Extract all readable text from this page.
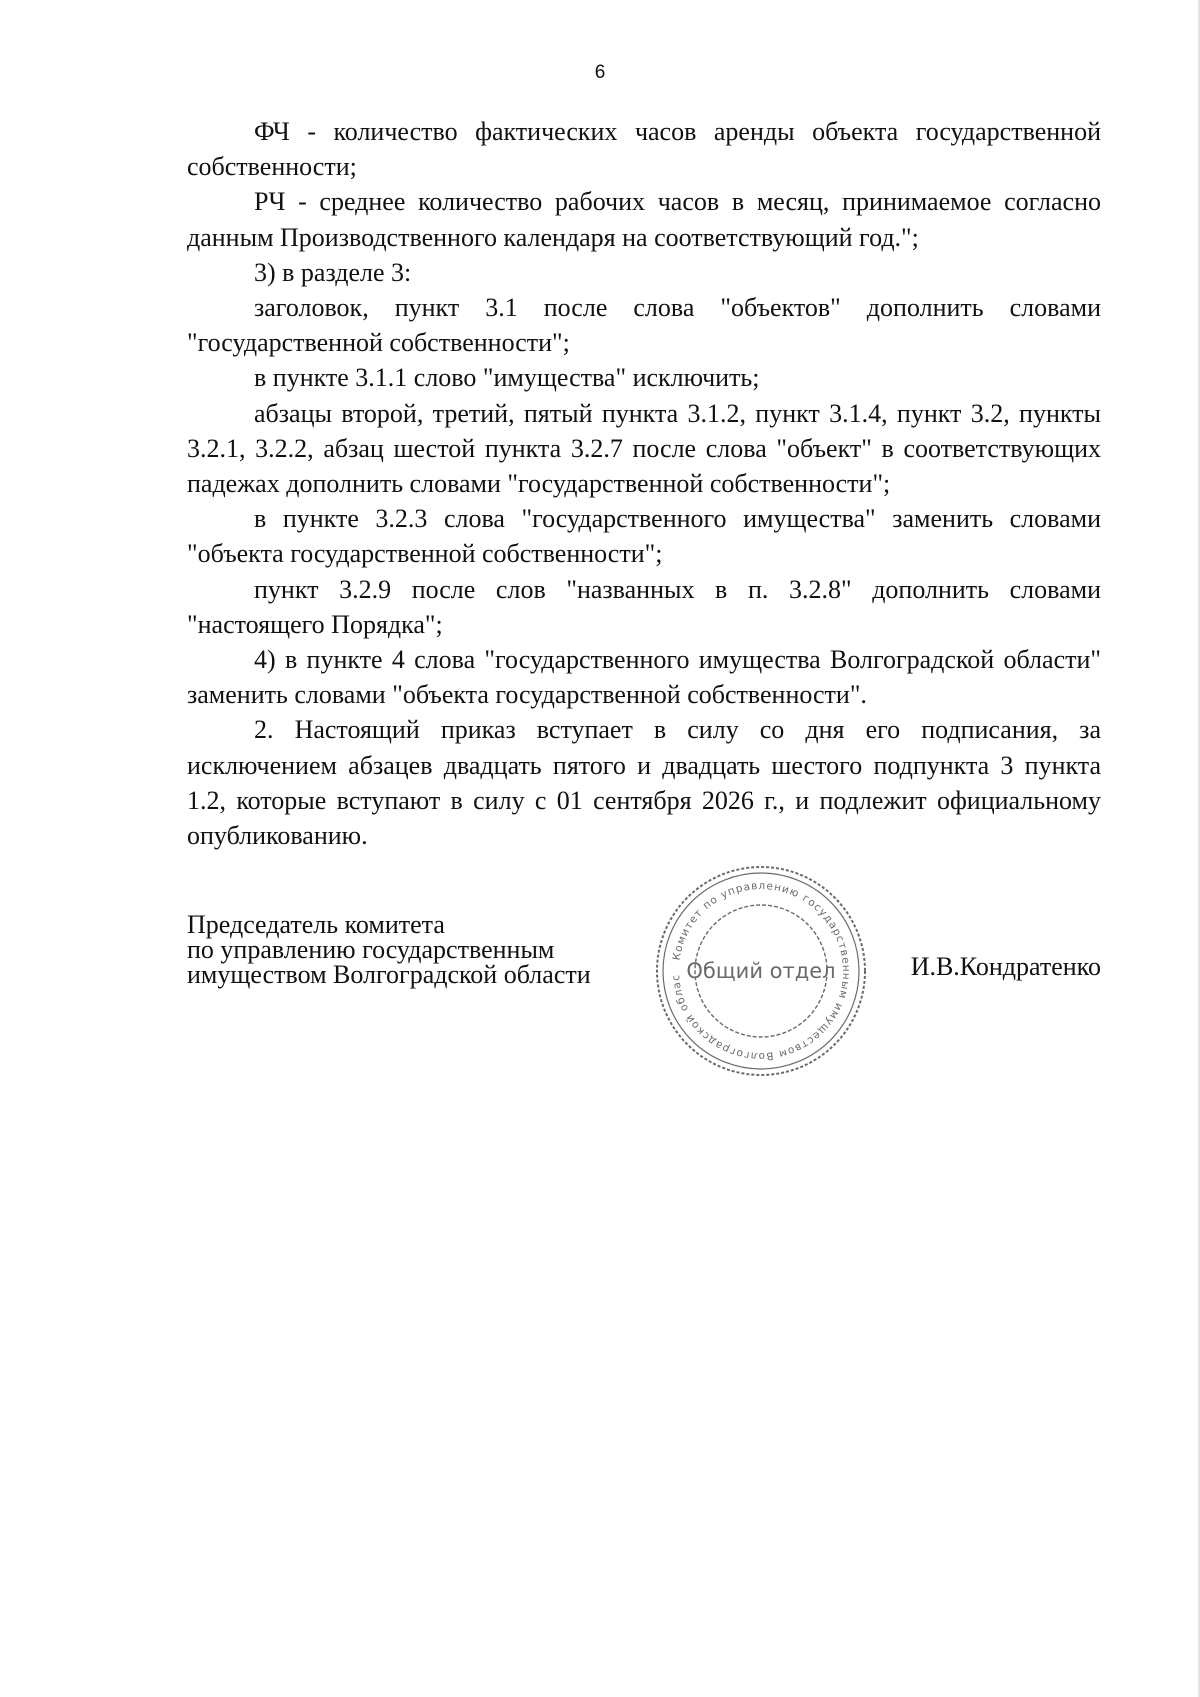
6

ФЧ - количество фактических часов аренды объекта государственной собственности;

РЧ - среднее количество рабочих часов в месяц, принимаемое согласно данным Производственного календаря на соответствующий год.";

3) в разделе 3:

заголовок, пункт 3.1 после слова "объектов" дополнить словами "государственной собственности";

в пункте 3.1.1 слово "имущества" исключить;

абзацы второй, третий, пятый пункта 3.1.2, пункт 3.1.4, пункт 3.2, пункты 3.2.1, 3.2.2, абзац шестой пункта 3.2.7 после слова "объект" в соответствующих падежах дополнить словами "государственной собственности";

в пункте 3.2.3 слова "государственного имущества" заменить словами "объекта государственной собственности";

пункт 3.2.9 после слов "названных в п. 3.2.8" дополнить словами "настоящего Порядка";

4) в пункте 4 слова "государственного имущества Волгоградской области" заменить словами "объекта государственной собственности".

2. Настоящий приказ вступает в силу со дня его подписания, за исключением абзацев двадцать пятого и двадцать шестого подпункта 3 пункта 1.2, которые вступают в силу с 01 сентября 2026 г., и подлежит официальному опубликованию.

Председатель комитета
по управлению государственным
имуществом Волгоградской области
Комитет по управлению государственным имуществом Волгоградской облас Общий отдел	И.В.Кондратенко
